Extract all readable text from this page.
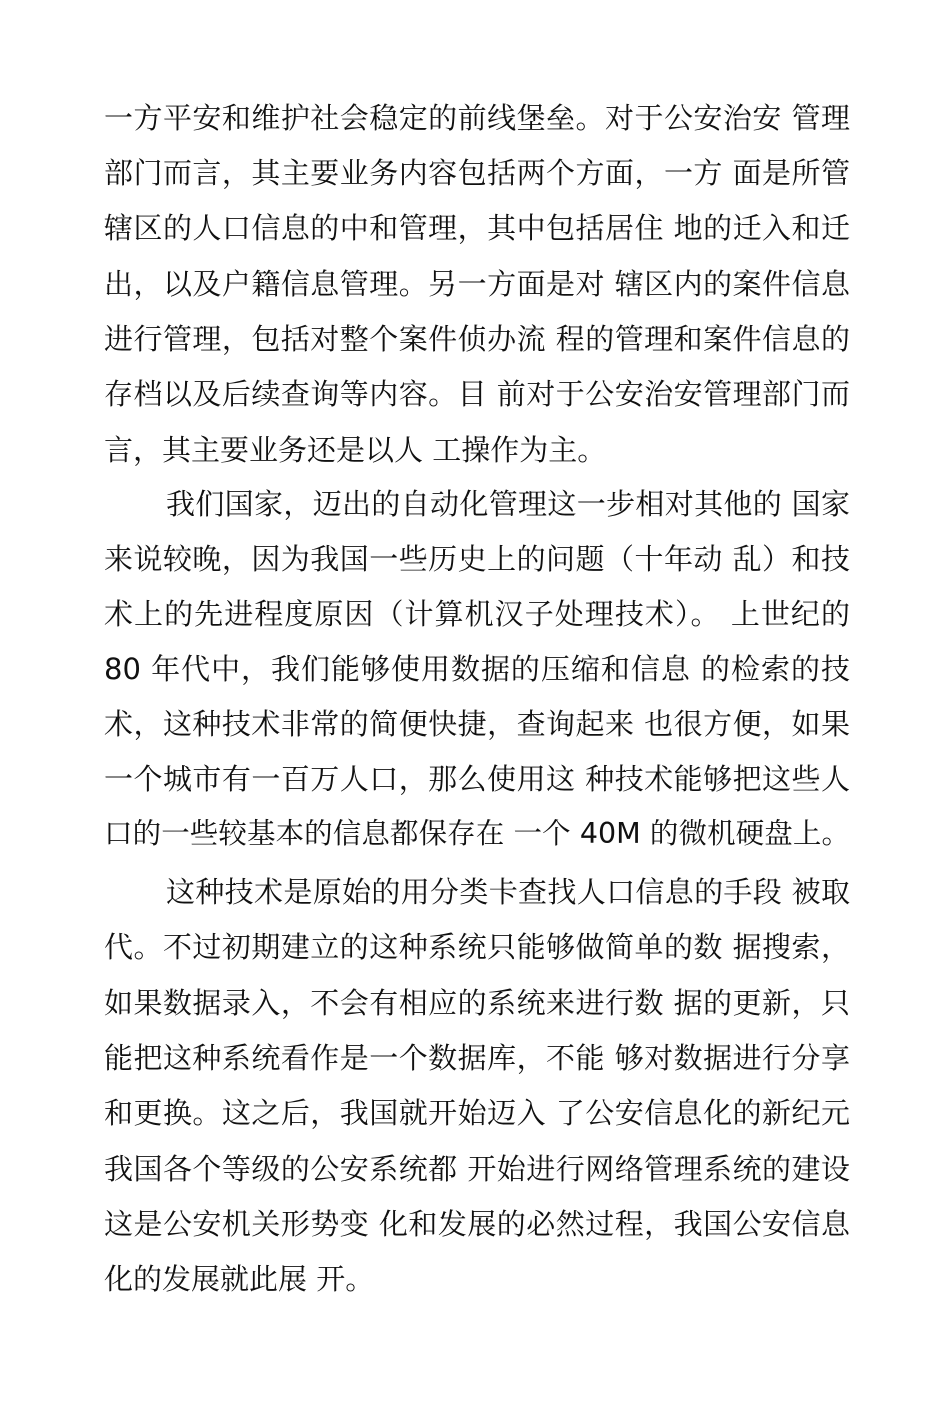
一方平安和维护社会稳定的前线堡垒。对于公安治安 管理
部门而言，其主要业务内容包括两个方面，一方 面是所管
辖区的人口信息的中和管理，其中包括居住 地的迁入和迁
出，以及户籍信息管理。另一方面是对 辖区内的案件信息
进行管理，包括对整个案件侦办流 程的管理和案件信息的
存档以及后续查询等内容。目 前对于公安治安管理部门而
言，其主要业务还是以人 工操作为主。
我们国家，迈出的自动化管理这一步相对其他的 国家
来说较晚，因为我国一些历史上的问题（十年动 乱）和技
术上的先进程度原因（计算机汉子处理技术）。 上世纪的
80 年代中，我们能够使用数据的压缩和信息 的检索的技
术，这种技术非常的简便快捷，查询起来 也很方便，如果
一个城市有一百万人口，那么使用这 种技术能够把这些人
口的一些较基本的信息都保存在 一个 40M 的微机硬盘上。
这种技术是原始的用分类卡查找人口信息的手段 被取
代。不过初期建立的这种系统只能够做简单的数 据搜索，
如果数据录入，不会有相应的系统来进行数 据的更新，只
能把这种系统看作是一个数据库，不能 够对数据进行分享
和更换。这之后，我国就开始迈入 了公安信息化的新纪元
我国各个等级的公安系统都 开始进行网络管理系统的建设
这是公安机关形势变 化和发展的必然过程，我国公安信息
化的发展就此展 开。
